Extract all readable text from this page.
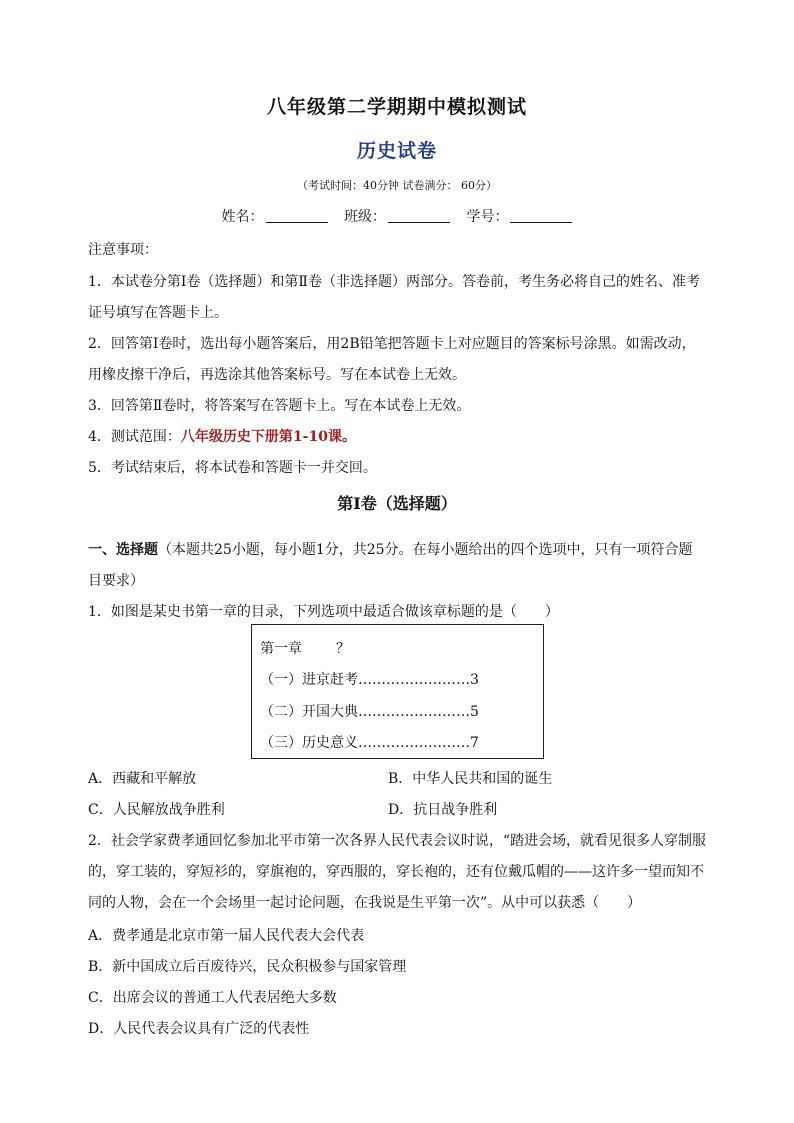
八年级第二学期期中模拟测试
历史试卷
（考试时间：40分钟 试卷满分： 60分）
姓名：	班级：	学号：
注意事项：
1．本试卷分第Ⅰ卷（选择题）和第Ⅱ卷（非选择题）两部分。答卷前，考生务必将自己的姓名、准考
证号填写在答题卡上。
2．回答第Ⅰ卷时，选出每小题答案后，用2B铅笔把答题卡上对应题目的答案标号涂黑。如需改动，
用橡皮擦干净后，再选涂其他答案标号。写在本试卷上无效。
3．回答第Ⅱ卷时，将答案写在答题卡上。写在本试卷上无效。
4．测试范围：八年级历史下册第1-10课。
5．考试结束后，将本试卷和答题卡一并交回。
第Ⅰ卷（选择题）
一、选择题（本题共25小题，每小题1分，共25分。在每小题给出的四个选项中，只有一项符合题
目要求）
1．如图是某史书第一章的目录，下列选项中最适合做该章标题的是（　　）
第一章 ？
（一）进京赶考……………………3
（二）开国大典……………………5
（三）历史意义……………………7
A．西藏和平解放	B．中华人民共和国的诞生
C．人民解放战争胜利	D．抗日战争胜利
2．社会学家费孝通回忆参加北平市第一次各界人民代表会议时说，“踏进会场，就看见很多人穿制服
的，穿工装的，穿短衫的，穿旗袍的，穿西服的，穿长袍的，还有位戴瓜帽的——这许多一望而知不
同的人物，会在一个会场里一起讨论问题，在我说是生平第一次”。从中可以获悉（　　）
A．费孝通是北京市第一届人民代表大会代表
B．新中国成立后百废待兴，民众积极参与国家管理
C．出席会议的普通工人代表居绝大多数
D．人民代表会议具有广泛的代表性
